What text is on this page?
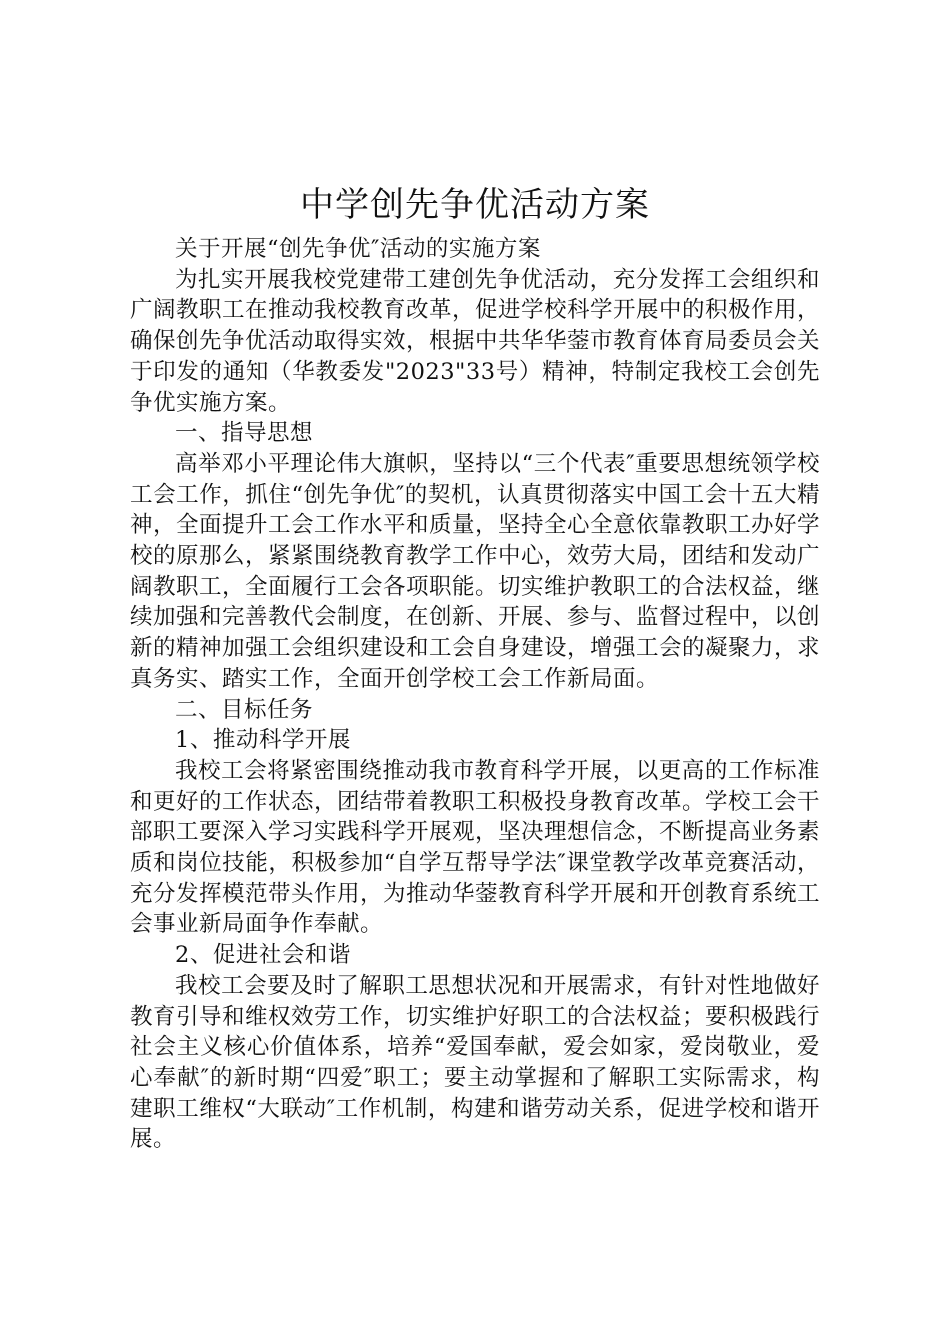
中学创先争优活动方案

关于开展“创先争优″活动的实施方案

为扎实开展我校党建带工建创先争优活动，充分发挥工会组织和广阔教职工在推动我校教育改革，促进学校科学开展中的积极作用，确保创先争优活动取得实效，根据中共华华蓥市教育体育局委员会关于印发的通知（华教委发"2023"33号）精神，特制定我校工会创先争优实施方案。

一、指导思想

高举邓小平理论伟大旗帜，坚持以“三个代表″重要思想统领学校工会工作，抓住“创先争优″的契机，认真贯彻落实中国工会十五大精神，全面提升工会工作水平和质量，坚持全心全意依靠教职工办好学校的原那么，紧紧围绕教育教学工作中心，效劳大局，团结和发动广阔教职工，全面履行工会各项职能。切实维护教职工的合法权益，继续加强和完善教代会制度，在创新、开展、参与、监督过程中，以创新的精神加强工会组织建设和工会自身建设，增强工会的凝聚力，求真务实、踏实工作，全面开创学校工会工作新局面。

二、目标任务

1、推动科学开展

我校工会将紧密围绕推动我市教育科学开展，以更高的工作标准和更好的工作状态，团结带着教职工积极投身教育改革。学校工会干部职工要深入学习实践科学开展观，坚决理想信念，不断提高业务素质和岗位技能，积极参加“自学互帮导学法″课堂教学改革竞赛活动，充分发挥模范带头作用，为推动华蓥教育科学开展和开创教育系统工会事业新局面争作奉献。

2、促进社会和谐

我校工会要及时了解职工思想状况和开展需求，有针对性地做好教育引导和维权效劳工作，切实维护好职工的合法权益；要积极践行社会主义核心价值体系，培养“爱国奉献，爱会如家，爱岗敬业，爱心奉献″的新时期“四爱″职工；要主动掌握和了解职工实际需求，构建职工维权“大联动″工作机制，构建和谐劳动关系，促进学校和谐开展。
